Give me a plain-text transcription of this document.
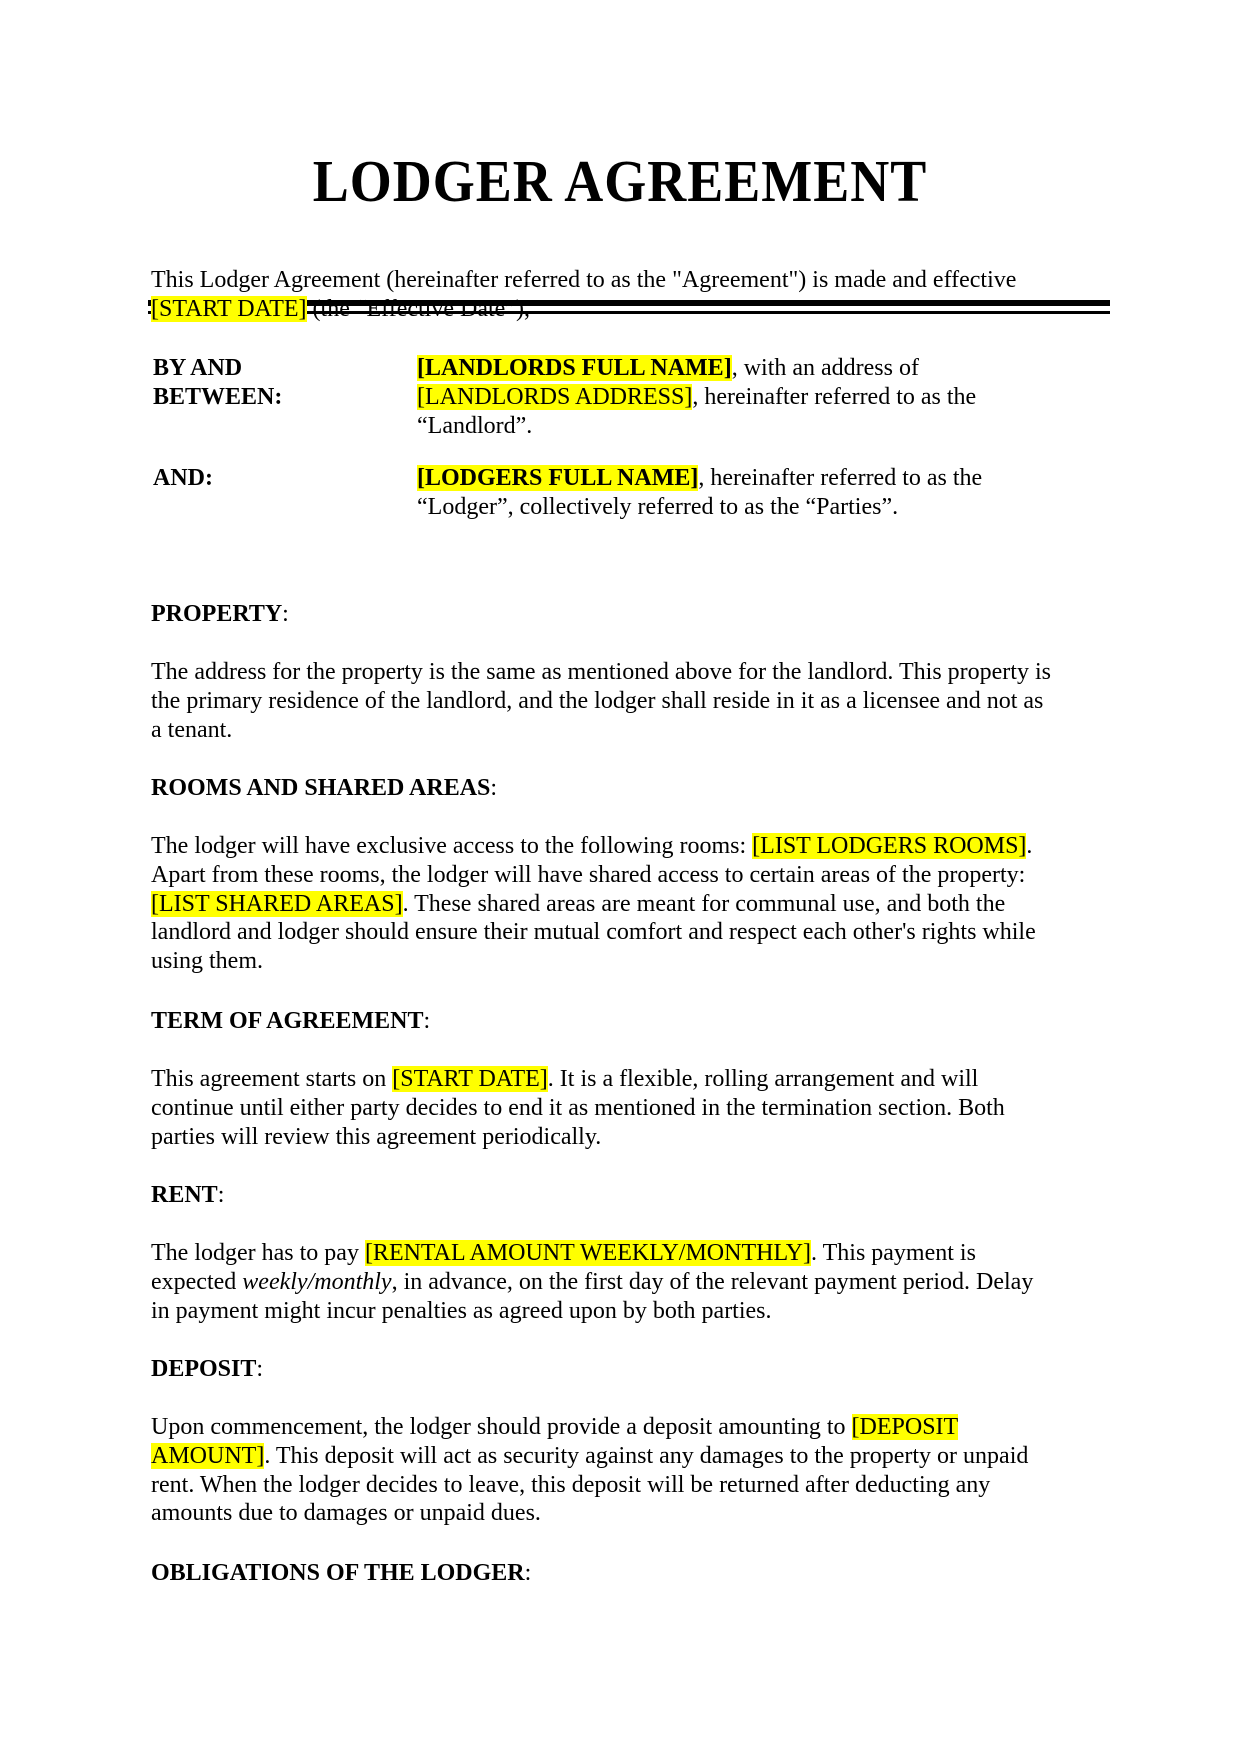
LODGER AGREEMENT
This Lodger Agreement (hereinafter referred to as the "Agreement") is made and effective
[START DATE] (the “Effective Date”),
BY AND
BETWEEN:
[LANDLORDS FULL NAME], with an address of
[LANDLORDS ADDRESS], hereinafter referred to as the
“Landlord”.
AND:	[LODGERS FULL NAME], hereinafter referred to as the
“Lodger”, collectively referred to as the “Parties”.
PROPERTY:
The address for the property is the same as mentioned above for the landlord. This property is
the primary residence of the landlord, and the lodger shall reside in it as a licensee and not as
a tenant.
ROOMS AND SHARED AREAS:
The lodger will have exclusive access to the following rooms: [LIST LODGERS ROOMS].
Apart from these rooms, the lodger will have shared access to certain areas of the property:
[LIST SHARED AREAS]. These shared areas are meant for communal use, and both the
landlord and lodger should ensure their mutual comfort and respect each other's rights while
using them.
TERM OF AGREEMENT:
This agreement starts on [START DATE]. It is a flexible, rolling arrangement and will
continue until either party decides to end it as mentioned in the termination section. Both
parties will review this agreement periodically.
RENT:
The lodger has to pay [RENTAL AMOUNT WEEKLY/MONTHLY]. This payment is
expected weekly/monthly, in advance, on the first day of the relevant payment period. Delay
in payment might incur penalties as agreed upon by both parties.
DEPOSIT:
Upon commencement, the lodger should provide a deposit amounting to [DEPOSIT
AMOUNT]. This deposit will act as security against any damages to the property or unpaid
rent. When the lodger decides to leave, this deposit will be returned after deducting any
amounts due to damages or unpaid dues.
OBLIGATIONS OF THE LODGER:
